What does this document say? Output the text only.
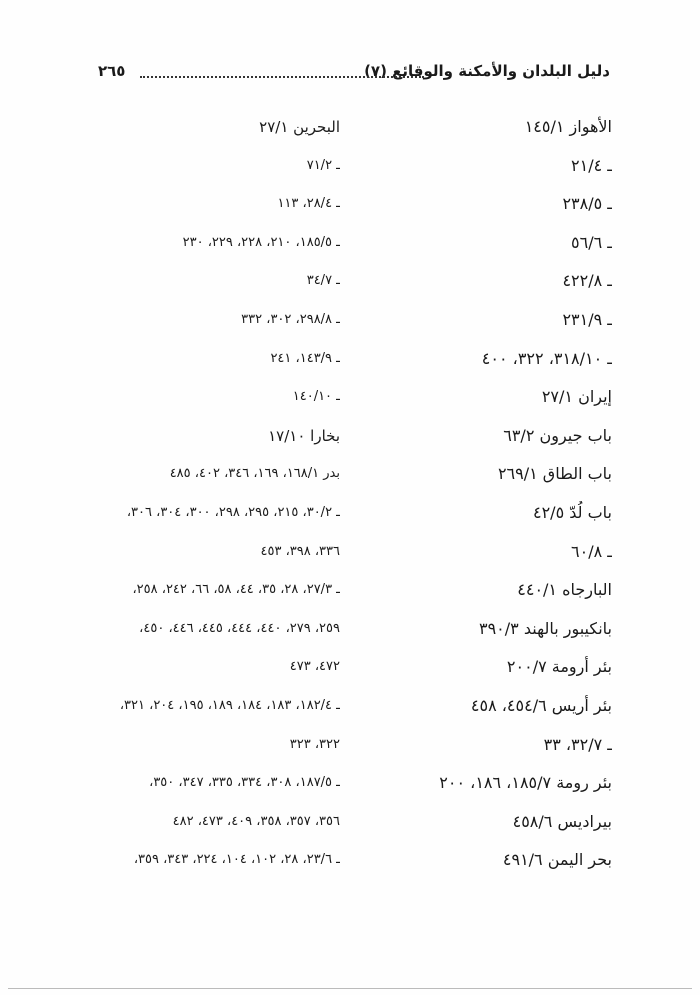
دليل البلدان والأمكنة والوقائع (٧)
٢٦٥
الأهواز ١٤٥/١
ـ ٢١/٤
ـ ٢٣٨/٥
ـ ٥٦/٦
ـ ٤٢٢/٨
ـ ٢٣١/٩
ـ ٣١٨/١٠، ٣٢٢، ٤٠٠
إيران ٢٧/١
باب جيرون ٦٣/٢
باب الطاق ٢٦٩/١
باب لُدّ ٤٢/٥
ـ ٦٠/٨
البارجاه ٤٤٠/١
بانكيبور بالهند ٣٩٠/٣
بئر أرومة ٢٠٠/٧
بئر أريس ٤٥٤/٦، ٤٥٨
ـ ٣٢/٧، ٣٣
بئر رومة ١٨٥/٧، ١٨٦، ٢٠٠
بيراديس ٤٥٨/٦
بحر اليمن ٤٩١/٦
البحرين ٢٧/١
ـ ٧١/٢
ـ ٢٨/٤، ١١٣
ـ ١٨٥/٥، ٢١٠، ٢٢٨، ٢٢٩، ٢٣٠
ـ ٣٤/٧
ـ ٢٩٨/٨، ٣٠٢، ٣٣٢
ـ ١٤٣/٩، ٢٤١
ـ ١٤٠/١٠
بخارا ١٧/١٠
بدر ١٦٨/١، ١٦٩، ٣٤٦، ٤٠٢، ٤٨٥
ـ ٣٠/٢، ٢١٥، ٢٩٥، ٢٩٨، ٣٠٠، ٣٠٤، ٣٠٦،
٣٣٦، ٣٩٨، ٤٥٣
ـ ٢٧/٣، ٢٨، ٣٥، ٤٤، ٥٨، ٦٦، ٢٤٢، ٢٥٨،
٢٥٩، ٢٧٩، ٤٤٠، ٤٤٤، ٤٤٥، ٤٤٦، ٤٥٠،
٤٧٢، ٤٧٣
ـ ١٨٢/٤، ١٨٣، ١٨٤، ١٨٩، ١٩٥، ٢٠٤، ٣٢١،
٣٢٢، ٣٢٣
ـ ١٨٧/٥، ٣٠٨، ٣٣٤، ٣٣٥، ٣٤٧، ٣٥٠،
٣٥٦، ٣٥٧، ٣٥٨، ٤٠٩، ٤٧٣، ٤٨٢
ـ ٢٣/٦، ٢٨، ١٠٢، ١٠٤، ٢٢٤، ٣٤٣، ٣٥٩،
